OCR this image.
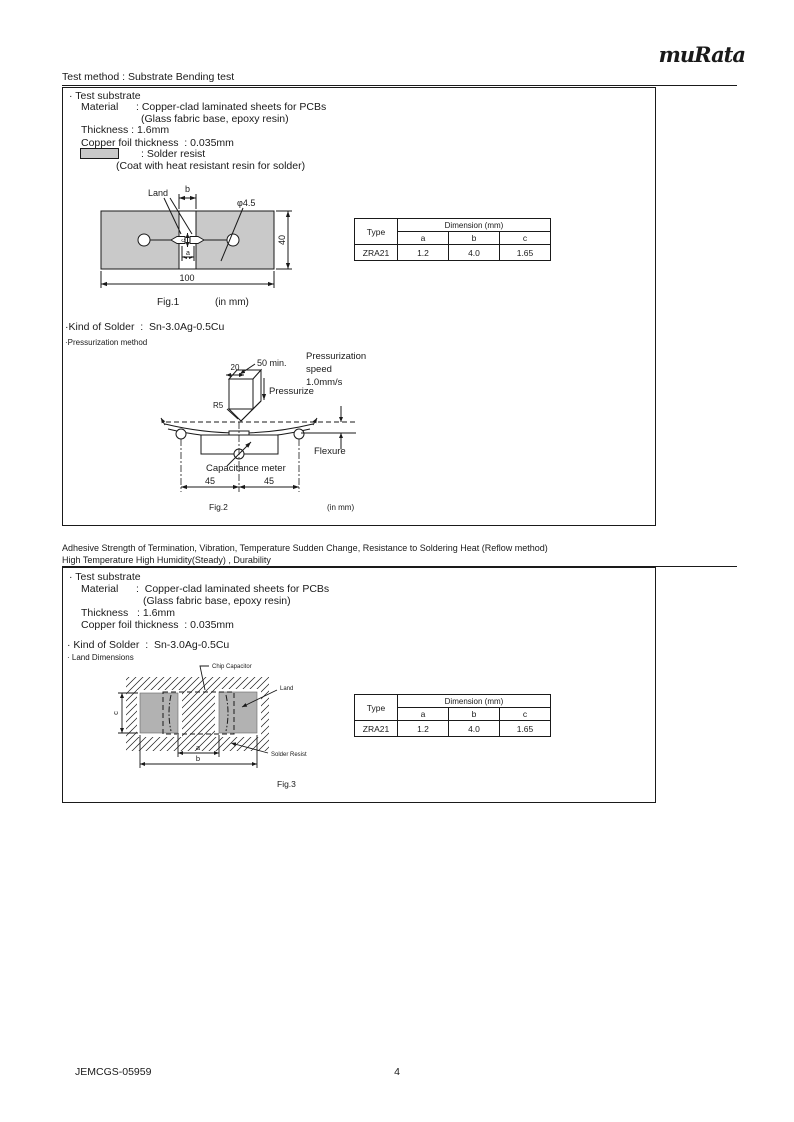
muRata
Test method : Substrate Bending test
· Test substrate
Material : Copper-clad laminated sheets for PCBs
(Glass fabric base, epoxy resin)
Thickness : 1.6mm
Copper foil thickness  : 0.035mm
: Solder resist
(Coat with heat resistant resin for solder)
Land b
φ4.5
40
100
a
c
Fig.1	(in mm)
Type	Dimension (mm)		
	a	b	c
ZRA21	1.2	4.0	1.65
·Kind of Solder  :  Sn-3.0Ag-0.5Cu
·Pressurization method
20 50 min.
Pressurization
speed
1.0mm/s
Pressurize
R5
Capacitance meter
Flexure
45	45
Fig.2	(in mm)
Adhesive Strength of Termination, Vibration, Temperature Sudden Change, Resistance to Soldering Heat (Reflow method)
High Temperature High Humidity(Steady) , Durability
· Test substrate
Material :  Copper-clad laminated sheets for PCBs
(Glass fabric base, epoxy resin)
Thickness   : 1.6mm
Copper foil thickness  : 0.035mm
· Kind of Solder  :  Sn-3.0Ag-0.5Cu
· Land Dimensions
Chip Capacitor
Land
Solder Resist
a
b
c
Fig.3
Type	Dimension (mm)		
	a	b	c
ZRA21	1.2	4.0	1.65
JEMCGS-05959	4
